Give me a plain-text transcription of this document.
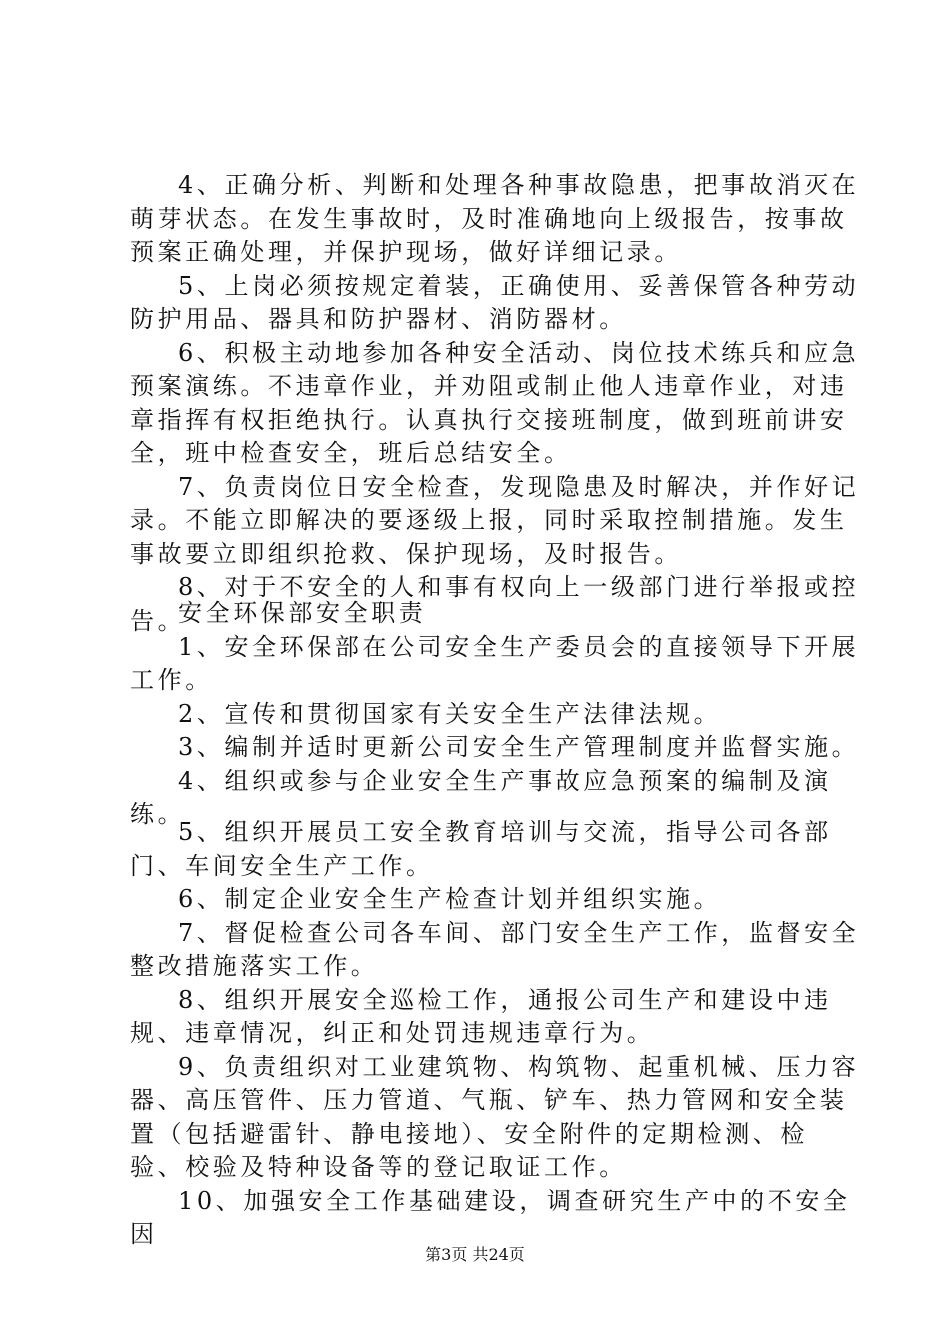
4、正确分析、判断和处理各种事故隐患，把事故消灭在萌芽状态。在发生事故时，及时准确地向上级报告，按事故预案正确处理，并保护现场，做好详细记录。

5、上岗必须按规定着装，正确使用、妥善保管各种劳动防护用品、器具和防护器材、消防器材。

6、积极主动地参加各种安全活动、岗位技术练兵和应急预案演练。不违章作业，并劝阻或制止他人违章作业，对违章指挥有权拒绝执行。认真执行交接班制度，做到班前讲安全，班中检查安全，班后总结安全。

7、负责岗位日安全检查，发现隐患及时解决，并作好记录。不能立即解决的要逐级上报，同时采取控制措施。发生事故要立即组织抢救、保护现场，及时报告。

8、对于不安全的人和事有权向上一级部门进行举报或控告。

安全环保部安全职责

1、安全环保部在公司安全生产委员会的直接领导下开展工作。

2、宣传和贯彻国家有关安全生产法律法规。

3、编制并适时更新公司安全生产管理制度并监督实施。

4、组织或参与企业安全生产事故应急预案的编制及演练。

5、组织开展员工安全教育培训与交流，指导公司各部门、车间安全生产工作。

6、制定企业安全生产检查计划并组织实施。

7、督促检查公司各车间、部门安全生产工作，监督安全整改措施落实工作。

8、组织开展安全巡检工作，通报公司生产和建设中违规、违章情况，纠正和处罚违规违章行为。

9、负责组织对工业建筑物、构筑物、起重机械、压力容器、高压管件、压力管道、气瓶、铲车、热力管网和安全装置（包括避雷针、静电接地）、安全附件的定期检测、检验、校验及特种设备等的登记取证工作。

10、加强安全工作基础建设，调查研究生产中的不安全因

第3页 共24页
